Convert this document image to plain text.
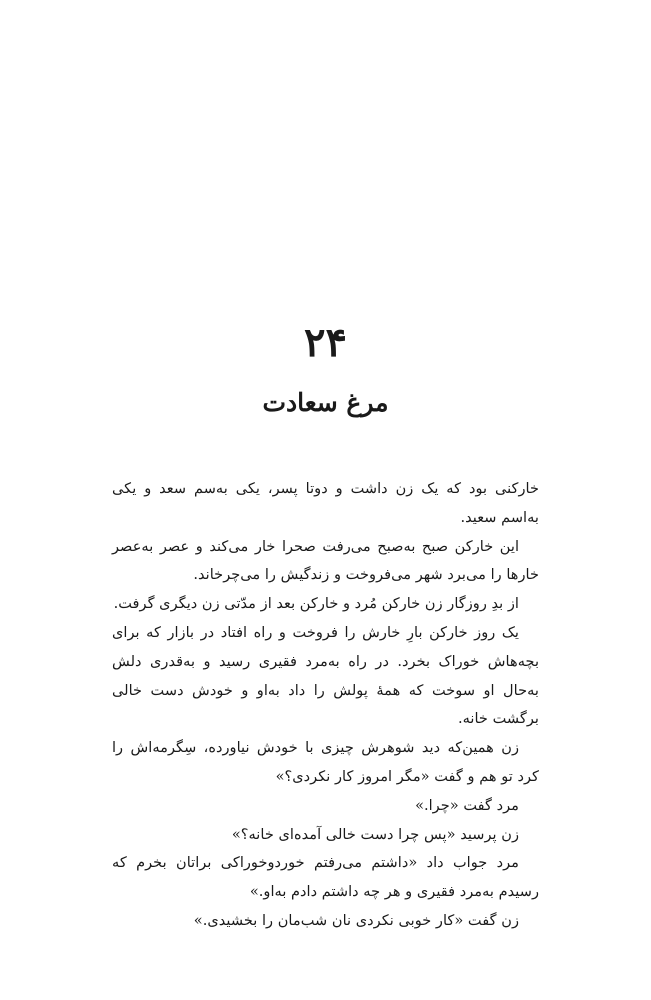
۲۴
مرغ سعادت

خارکنی بود که یک زن داشت و دوتا پسر، یکی به‌سم سعد و یکی به‌اسم سعید.

این خارکن صبح به‌صبح می‌رفت صحرا خار می‌کند و عصر به‌عصر خارها را می‌برد شهر می‌فروخت و زندگیش را می‌چرخاند.

از بدِ روزگار زن خارکن مُرد و خارکن بعد از مدّتی زن دیگری گرفت.

یک روز خارکن بارِ خارش را فروخت و راه افتاد در بازار که برای بچه‌هاش خوراک بخرد. در راه به‌مرد فقیری رسید و به‌قدری دلش به‌حال او سوخت که همهٔ پولش را داد به‌او و خودش دست خالی برگشت خانه.

زن همین‌که دید شوهرش چیزی با خودش نیاورده، سِگرمه‌اش را کرد تو هم و گفت «مگر امروز کار نکردی؟»

مرد گفت «چرا.»

زن پرسید «پس چرا دست خالی آمده‌ای خانه؟»

مرد جواب داد «داشتم می‌رفتم خوردوخوراکی براتان بخرم که رسیدم به‌مرد فقیری و هر چه داشتم دادم به‌او.»

زن گفت «کار خوبی نکردی نان شب‌مان را بخشیدی.»
